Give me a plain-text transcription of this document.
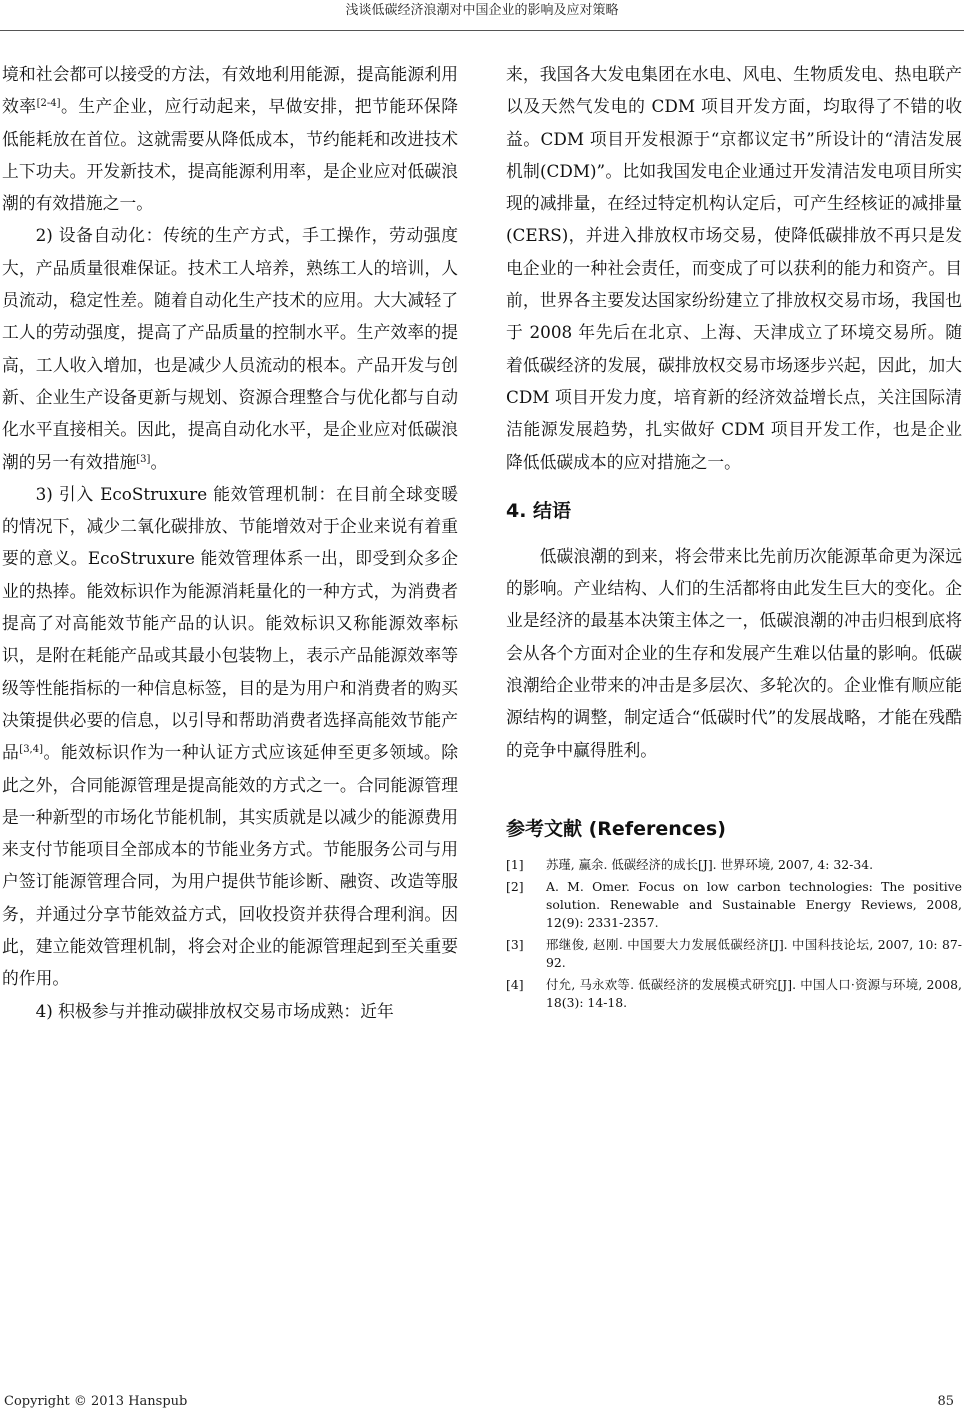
浅谈低碳经济浪潮对中国企业的影响及应对策略

境和社会都可以接受的方法，有效地利用能源，提高能源利用效率[2-4]。生产企业，应行动起来，早做安排，把节能环保降低能耗放在首位。这就需要从降低成本，节约能耗和改进技术上下功夫。开发新技术，提高能源利用率，是企业应对低碳浪潮的有效措施之一。

2) 设备自动化：传统的生产方式，手工操作，劳动强度大，产品质量很难保证。技术工人培养，熟练工人的培训，人员流动，稳定性差。随着自动化生产技术的应用。大大减轻了工人的劳动强度，提高了产品质量的控制水平。生产效率的提高，工人收入增加，也是减少人员流动的根本。产品开发与创新、企业生产设备更新与规划、资源合理整合与优化都与自动化水平直接相关。因此，提高自动化水平，是企业应对低碳浪潮的另一有效措施[3]。

3) 引入 EcoStruxure 能效管理机制：在目前全球变暖的情况下，减少二氧化碳排放、节能增效对于企业来说有着重要的意义。EcoStruxure 能效管理体系一出，即受到众多企业的热捧。能效标识作为能源消耗量化的一种方式，为消费者提高了对高能效节能产品的认识。能效标识又称能源效率标识，是附在耗能产品或其最小包装物上，表示产品能源效率等级等性能指标的一种信息标签，目的是为用户和消费者的购买决策提供必要的信息，以引导和帮助消费者选择高能效节能产品[3,4]。能效标识作为一种认证方式应该延伸至更多领域。除此之外，合同能源管理是提高能效的方式之一。合同能源管理是一种新型的市场化节能机制，其实质就是以减少的能源费用来支付节能项目全部成本的节能业务方式。节能服务公司与用户签订能源管理合同，为用户提供节能诊断、融资、改造等服务，并通过分享节能效益方式，回收投资并获得合理利润。因此，建立能效管理机制，将会对企业的能源管理起到至关重要的作用。

4) 积极参与并推动碳排放权交易市场成熟：近年

来，我国各大发电集团在水电、风电、生物质发电、热电联产以及天然气发电的 CDM 项目开发方面，均取得了不错的收益。CDM 项目开发根源于“京都议定书”所设计的“清洁发展机制(CDM)”。比如我国发电企业通过开发清洁发电项目所实现的减排量，在经过特定机构认定后，可产生经核证的减排量(CERS)，并进入排放权市场交易，使降低碳排放不再只是发电企业的一种社会责任，而变成了可以获利的能力和资产。目前，世界各主要发达国家纷纷建立了排放权交易市场，我国也于 2008 年先后在北京、上海、天津成立了环境交易所。随着低碳经济的发展，碳排放权交易市场逐步兴起，因此，加大 CDM 项目开发力度，培育新的经济效益增长点，关注国际清洁能源发展趋势，扎实做好 CDM 项目开发工作，也是企业降低低碳成本的应对措施之一。

4. 结语

低碳浪潮的到来，将会带来比先前历次能源革命更为深远的影响。产业结构、人们的生活都将由此发生巨大的变化。企业是经济的最基本决策主体之一，低碳浪潮的冲击归根到底将会从各个方面对企业的生存和发展产生难以估量的影响。低碳浪潮给企业带来的冲击是多层次、多轮次的。企业惟有顺应能源结构的调整，制定适合“低碳时代”的发展战略，才能在残酷的竞争中赢得胜利。

参考文献 (References)
[1]	苏瑾, 赢余. 低碳经济的成长[J]. 世界环境, 2007, 4: 32-34.
[2]	A. M. Omer. Focus on low carbon technologies: The positive solution. Renewable and Sustainable Energy Reviews, 2008, 12(9): 2331-2357.
[3]	邢继俊, 赵刚. 中国要大力发展低碳经济[J]. 中国科技论坛, 2007, 10: 87-92.
[4]	付允, 马永欢等. 低碳经济的发展模式研究[J]. 中国人口·资源与环境, 2008, 18(3): 14-18.
Copyright © 2013 Hanspub	85
